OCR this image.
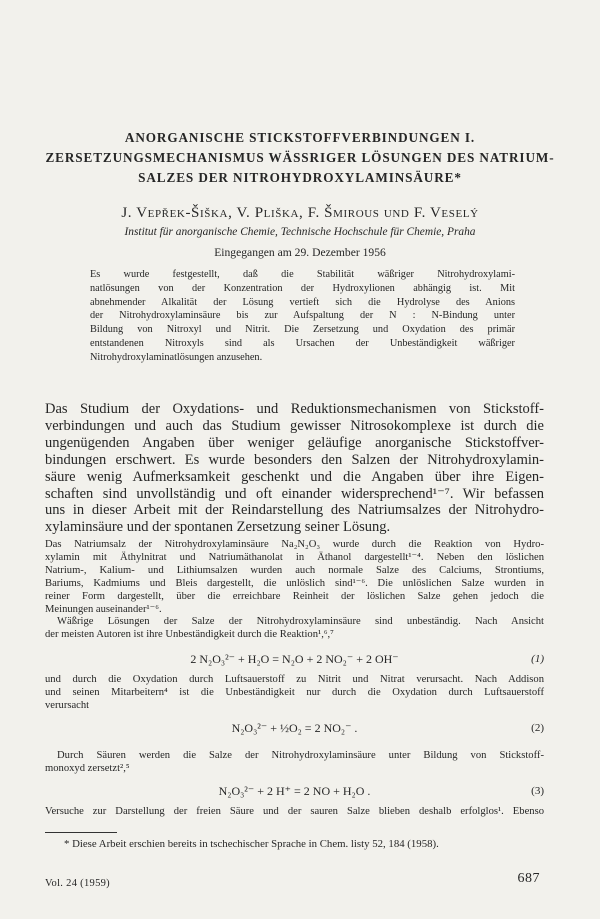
ANORGANISCHE STICKSTOFFVERBINDUNGEN I.
ZERSETZUNGSMECHANISMUS WÄSSRIGER LÖSUNGEN DES NATRIUM-
SALZES DER NITROHYDROXYLAMINSÄURE*

J. Vepřek-Šiška, V. Pliška, F. Šmirous und F. Veselý

Institut für anorganische Chemie, Technische Hochschule für Chemie, Praha

Eingegangen am 29. Dezember 1956

Es wurde festgestellt, daß die Stabilität wäßriger Nitrohydroxylami-

natlösungen von der Konzentration der Hydroxylionen abhängig ist. Mit

abnehmender Alkalität der Lösung vertieft sich die Hydrolyse des Anions

der Nitrohydroxylaminsäure bis zur Aufspaltung der N : N-Bindung unter

Bildung von Nitroxyl und Nitrit. Die Zersetzung und Oxydation des primär

entstandenen Nitroxyls sind als Ursachen der Unbeständigkeit wäßriger

Nitrohydroxylaminatlösungen anzusehen.

Das Studium der Oxydations- und Reduktionsmechanismen von Stickstoff-

verbindungen und auch das Studium gewisser Nitrosokomplexe ist durch die

ungenügenden Angaben über weniger geläufige anorganische Stickstoffver-

bindungen erschwert. Es wurde besonders den Salzen der Nitrohydroxylamin-

säure wenig Aufmerksamkeit geschenkt und die Angaben über ihre Eigen-

schaften sind unvollständig und oft einander widersprechend¹⁻⁷. Wir befassen

uns in dieser Arbeit mit der Reindarstellung des Natriumsalzes der Nitrohydro-

xylaminsäure und der spontanen Zersetzung seiner Lösung.

Das Natriumsalz der Nitrohydroxylaminsäure Na₂N₂O₃ wurde durch die Reaktion von Hydro-

xylamin mit Äthylnitrat und Natriumäthanolat in Äthanol dargestellt¹⁻⁴. Neben den löslichen

Natrium-, Kalium- und Lithiumsalzen wurden auch normale Salze des Calciums, Strontiums,

Bariums, Kadmiums und Bleis dargestellt, die unlöslich sind¹⁻⁶. Die unlöslichen Salze wurden in

reiner Form dargestellt, über die erreichbare Reinheit der löslichen Salze gehen jedoch die

Meinungen auseinander¹⁻⁶.

Wäßrige Lösungen der Salze der Nitrohydroxylaminsäure sind unbeständig. Nach Ansicht

der meisten Autoren ist ihre Unbeständigkeit durch die Reaktion¹,⁶,⁷

2 N₂O₃²⁻ + H₂O = N₂O + 2 NO₂⁻ + 2 OH⁻	(1)

und durch die Oxydation durch Luftsauerstoff zu Nitrit und Nitrat verursacht. Nach Addison

und seinen Mitarbeitern⁴ ist die Unbeständigkeit nur durch die Oxydation durch Luftsauerstoff

verursacht

N₂O₃²⁻ + ½O₂ = 2 NO₂⁻ .	(2)

Durch Säuren werden die Salze der Nitrohydroxylaminsäure unter Bildung von Stickstoff-

monoxyd zersetzt²,⁵

N₂O₃²⁻ + 2 H⁺ = 2 NO + H₂O .	(3)

Versuche zur Darstellung der freien Säure und der sauren Salze blieben deshalb erfolglos¹. Ebenso

* Diese Arbeit erschien bereits in tschechischer Sprache in Chem. listy 52, 184 (1958).

Vol. 24 (1959)	687
